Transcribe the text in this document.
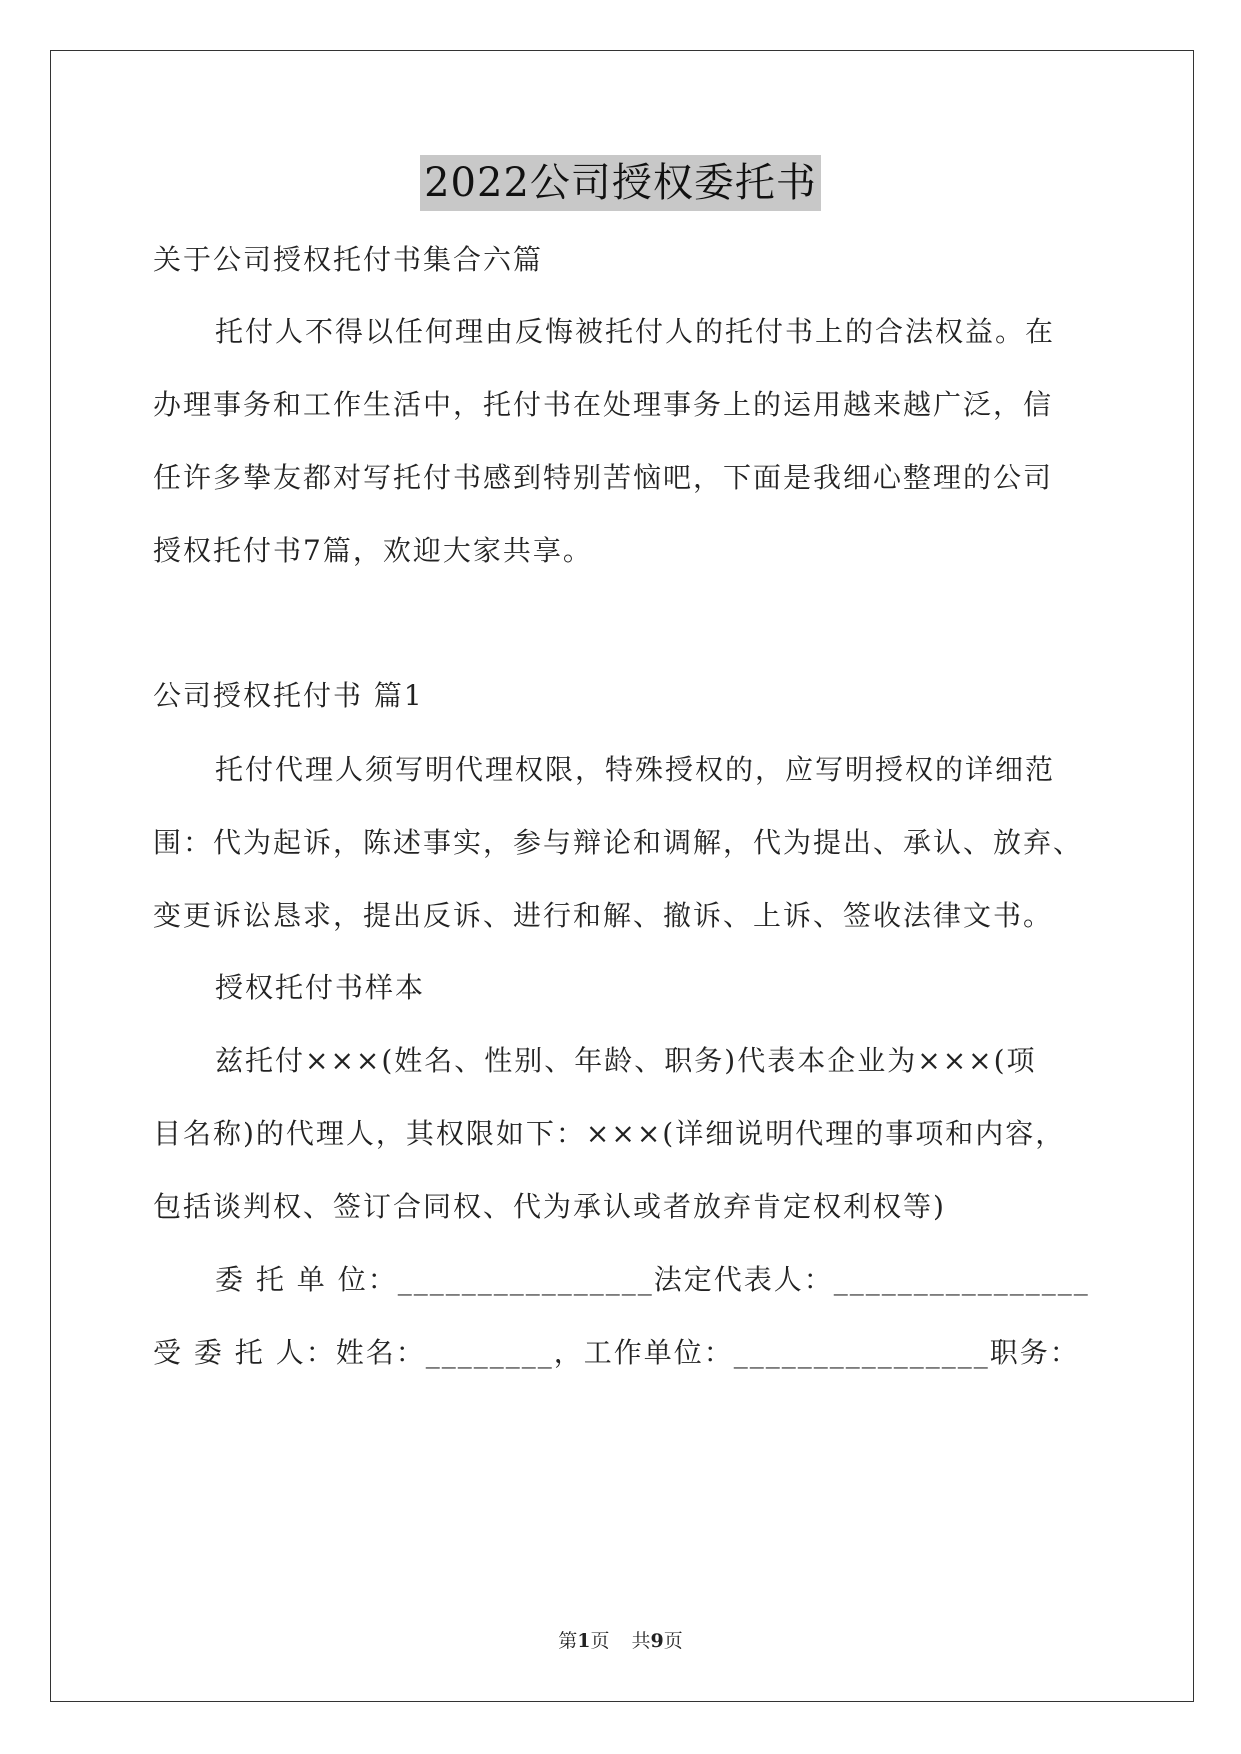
2022公司授权委托书
关于公司授权托付书集合六篇
托付人不得以任何理由反悔被托付人的托付书上的合法权益。在
办理事务和工作生活中，托付书在处理事务上的运用越来越广泛，信
任许多挚友都对写托付书感到特别苦恼吧，下面是我细心整理的公司
授权托付书7篇，欢迎大家共享。
公司授权托付书 篇1
托付代理人须写明代理权限，特殊授权的，应写明授权的详细范
围：代为起诉，陈述事实，参与辩论和调解，代为提出、承认、放弃、
变更诉讼恳求，提出反诉、进行和解、撤诉、上诉、签收法律文书。
授权托付书样本
兹托付×××(姓名、性别、年龄、职务)代表本企业为×××(项
目名称)的代理人，其权限如下：×××(详细说明代理的事项和内容，
包括谈判权、签订合同权、代为承认或者放弃肯定权利权等)
委 托 单 位：________________法定代表人：________________
受 委 托 人：姓名：________，工作单位：________________职务：
第1页 共9页
